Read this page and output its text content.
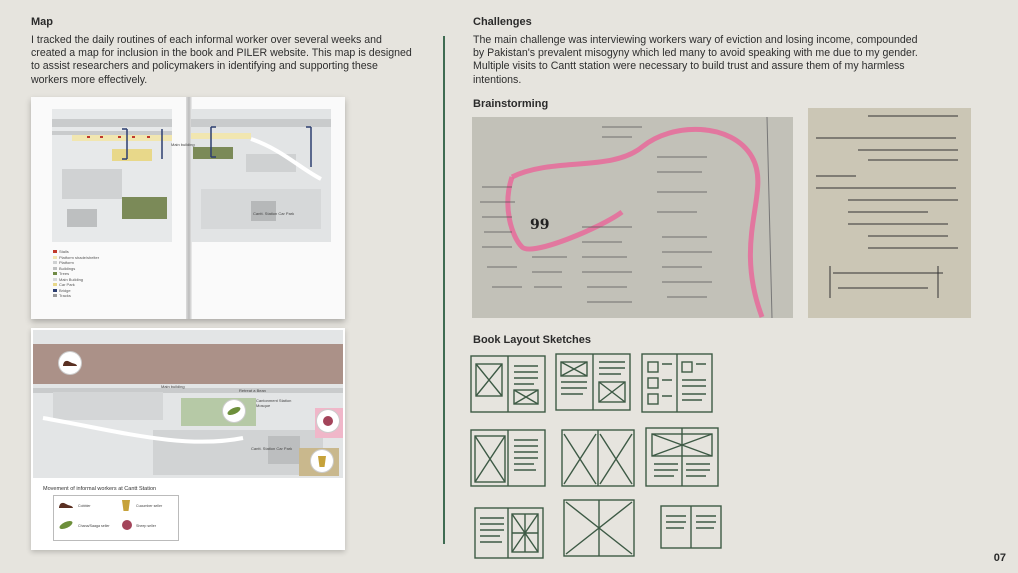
Map
I tracked the daily routines of each informal worker over several weeks and created a map for inclusion in the book and PILER website. This map is designed to assist researchers and policymakers in identifying and supporting these workers more effectively.
Stalls
Platform shade/shelter
Platform
Buildings
Trees
Main Building
Car Park
Bridge
Tracks
Cantt. Station Car Park
Main building
Main building
Cantt. Station Car Park
Cantonment Station Mosque
Retreat a Bean
Movement of informal workers at Cantt Station
Cobbler	Cucumber seller
Chana/Saaga seller	Sheep seller
Challenges
The main challenge was interviewing workers wary of eviction and losing income, compounded by Pakistan's prevalent misogyny which led many to avoid speaking with me due to my gender. Multiple visits to Cantt station were necessary to build trust and assure them of my harmless intentions.
Brainstorming
99
Book Layout Sketches
07
